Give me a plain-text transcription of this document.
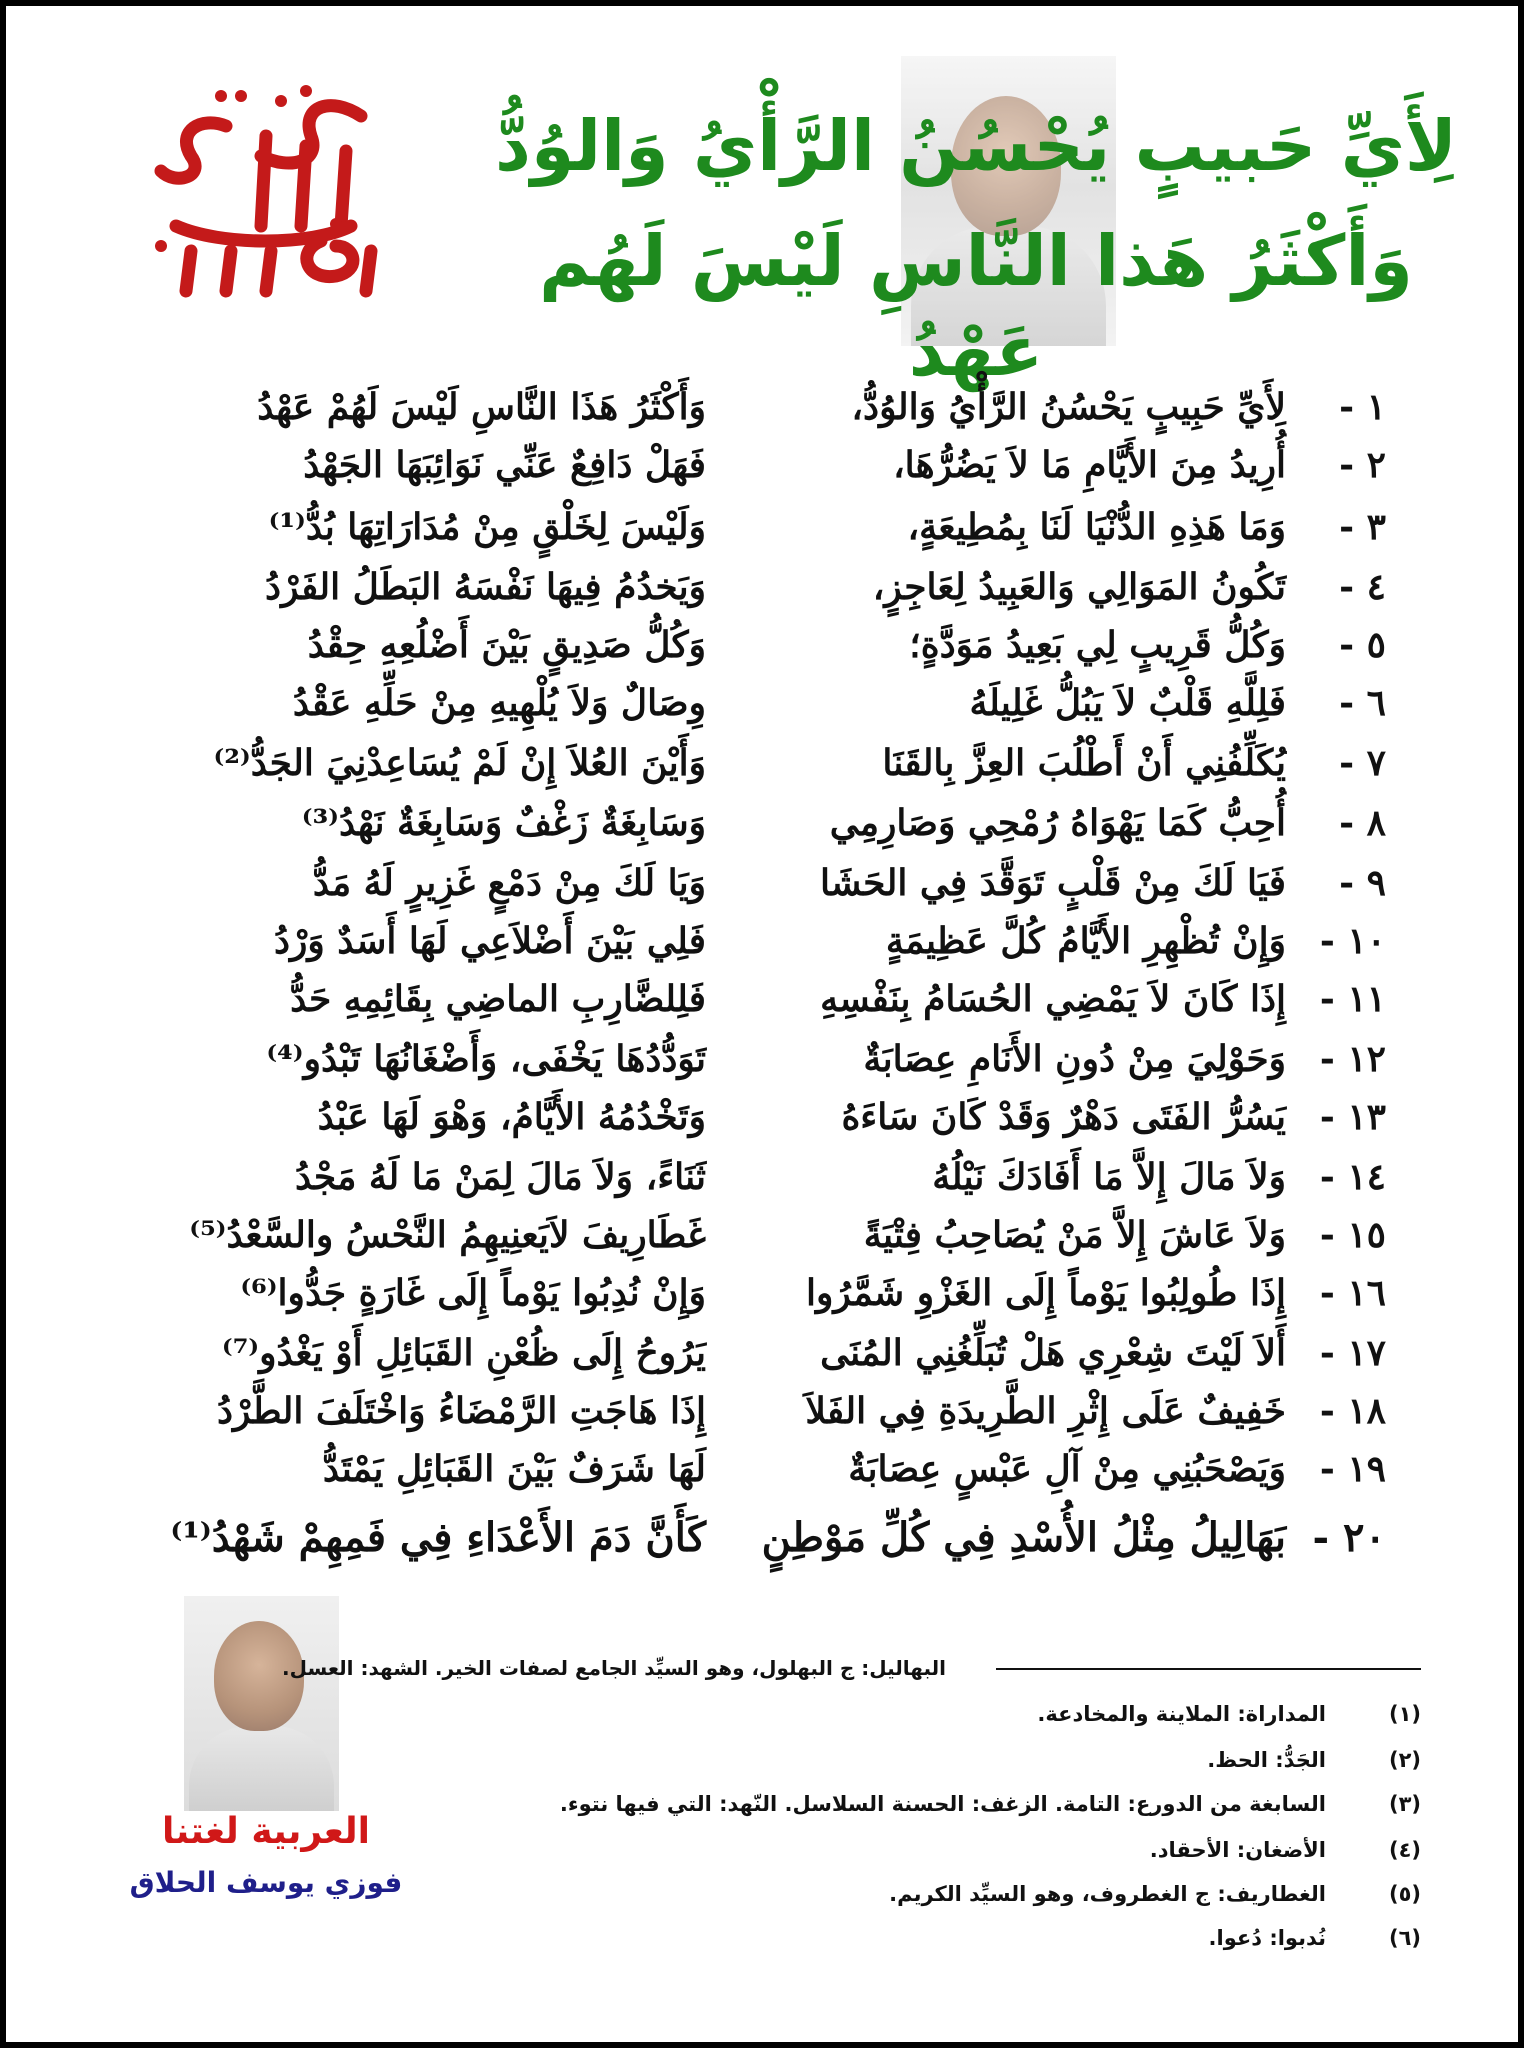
لِأَيِّ حَبيبٍ يُحْسُنُ الرَّأْيُ وَالوُدُّ
وَأَكْثَرُ هَذا النَّاسِ لَيْسَ لَهُم عَهْدُ
١ -
لِأَيِّ حَبِيبٍ يَحْسُنُ الرَّأْيُ وَالوُدُّ،
وَأَكْثَرُ هَذَا النَّاسِ لَيْسَ لَهُمْ عَهْدُ
٢ -
أُرِيدُ مِنَ الأَيَّامِ مَا لاَ يَضُرُّهَا،
فَهَلْ دَافِعٌ عَنِّي نَوَائِبَهَا الجَهْدُ
٣ -
وَمَا هَذِهِ الدُّنْيَا لَنَا بِمُطِيعَةٍ،
وَلَيْسَ لِخَلْقٍ مِنْ مُدَارَاتِهَا بُدُّ⁽¹⁾
٤ -
تَكُونُ المَوَالِي وَالعَبِيدُ لِعَاجِزٍ،
وَيَخدُمُ فِيهَا نَفْسَهُ البَطَلُ الفَرْدُ
٥ -
وَكُلُّ قَرِيبٍ لِي بَعِيدُ مَوَدَّةٍ؛
وَكُلُّ صَدِيقٍ بَيْنَ أَضْلُعِهِ حِقْدُ
٦ -
فَلِلَّهِ قَلْبٌ لاَ يَبُلُّ غَلِيلَهُ
وِصَالٌ وَلاَ يُلْهِيهِ مِنْ حَلِّهِ عَقْدُ
٧ -
يُكَلِّفُنِي أَنْ أَطْلُبَ العِزَّ بِالقَنَا
وَأَيْنَ العُلاَ إِنْ لَمْ يُسَاعِدْنِيَ الجَدُّ⁽²⁾
٨ -
أُحِبُّ كَمَا يَهْوَاهُ رُمْحِي وَصَارِمِي
وَسَابِغَةٌ زَغْفٌ وَسَابِغَةٌ نَهْدُ⁽³⁾
٩ -
فَيَا لَكَ مِنْ قَلْبٍ تَوَقَّدَ فِي الحَشَا
وَيَا لَكَ مِنْ دَمْعٍ غَزِيرٍ لَهُ مَدُّ
١٠ -
وَإِنْ تُظْهِرِ الأَيَّامُ كُلَّ عَظِيمَةٍ
فَلِي بَيْنَ أَضْلاَعِي لَهَا أَسَدٌ وَرْدُ
١١ -
إِذَا كَانَ لاَ يَمْضِي الحُسَامُ بِنَفْسِهِ
فَلِلضَّارِبِ الماضِي بِقَائِمِهِ حَدُّ
١٢ -
وَحَوْلِيَ مِنْ دُونِ الأَنَامِ عِصَابَةٌ
تَوَدُّدُهَا يَخْفَى، وَأَضْغَانُهَا تَبْدُو⁽⁴⁾
١٣ -
يَسُرُّ الفَتَى دَهْرٌ وَقَدْ كَانَ سَاءَهُ
وَتَخْدُمُهُ الأَيَّامُ، وَهْوَ لَهَا عَبْدُ
١٤ -
وَلاَ مَالَ إِلاَّ مَا أَفَادَكَ نَيْلُهُ
ثَنَاءً، وَلاَ مَالَ لِمَنْ مَا لَهُ مَجْدُ
١٥ -
وَلاَ عَاشَ إِلاَّ مَنْ يُصَاحِبُ فِتْيَةً
غَطَارِيفَ لاَيَعنِيهِمُ النَّحْسُ والسَّعْدُ⁽⁵⁾
١٦ -
إِذَا طُولِبُوا يَوْماً إِلَى الغَزْوِ شَمَّرُوا
وَإِنْ نُدِبُوا يَوْماً إِلَى غَارَةٍ جَدُّوا⁽⁶⁾
١٧ -
أَلاَ لَيْتَ شِعْرِي هَلْ تُبَلِّغُنِي المُنَى
يَرُوحُ إِلَى ظُعْنِ القَبَائِلِ أَوْ يَغْدُو⁽⁷⁾
١٨ -
خَفِيفٌ عَلَى إِثْرِ الطَّرِيدَةِ فِي الفَلاَ
إِذَا هَاجَتِ الرَّمْضَاءُ وَاخْتَلَفَ الطَّرْدُ
١٩ -
وَيَصْحَبُنِي مِنْ آلِ عَبْسٍ عِصَابَةٌ
لَهَا شَرَفٌ بَيْنَ القَبَائِلِ يَمْتَدُّ
٢٠ -
بَهَالِيلُ مِثْلُ الأُسْدِ فِي كُلِّ مَوْطِنٍ
كَأَنَّ دَمَ الأَعْدَاءِ فِي فَمِهِمْ شَهْدُ⁽¹⁾
العربية لغتنا
فوزي يوسف الحلاق
البهاليل: ج البهلول، وهو السيِّد الجامع لصفات الخير. الشهد: العسل.
(١)
المداراة: الملاينة والمخادعة.
(٢)
الجَدُّ: الحظ.
(٣)
السابغة من الدورع: التامة. الزغف: الحسنة السلاسل. النّهد: التي فيها نتوء.
(٤)
الأضغان: الأحقاد.
(٥)
الغطاريف: ج الغطروف، وهو السيِّد الكريم.
(٦)
نُدبوا: دُعوا.
